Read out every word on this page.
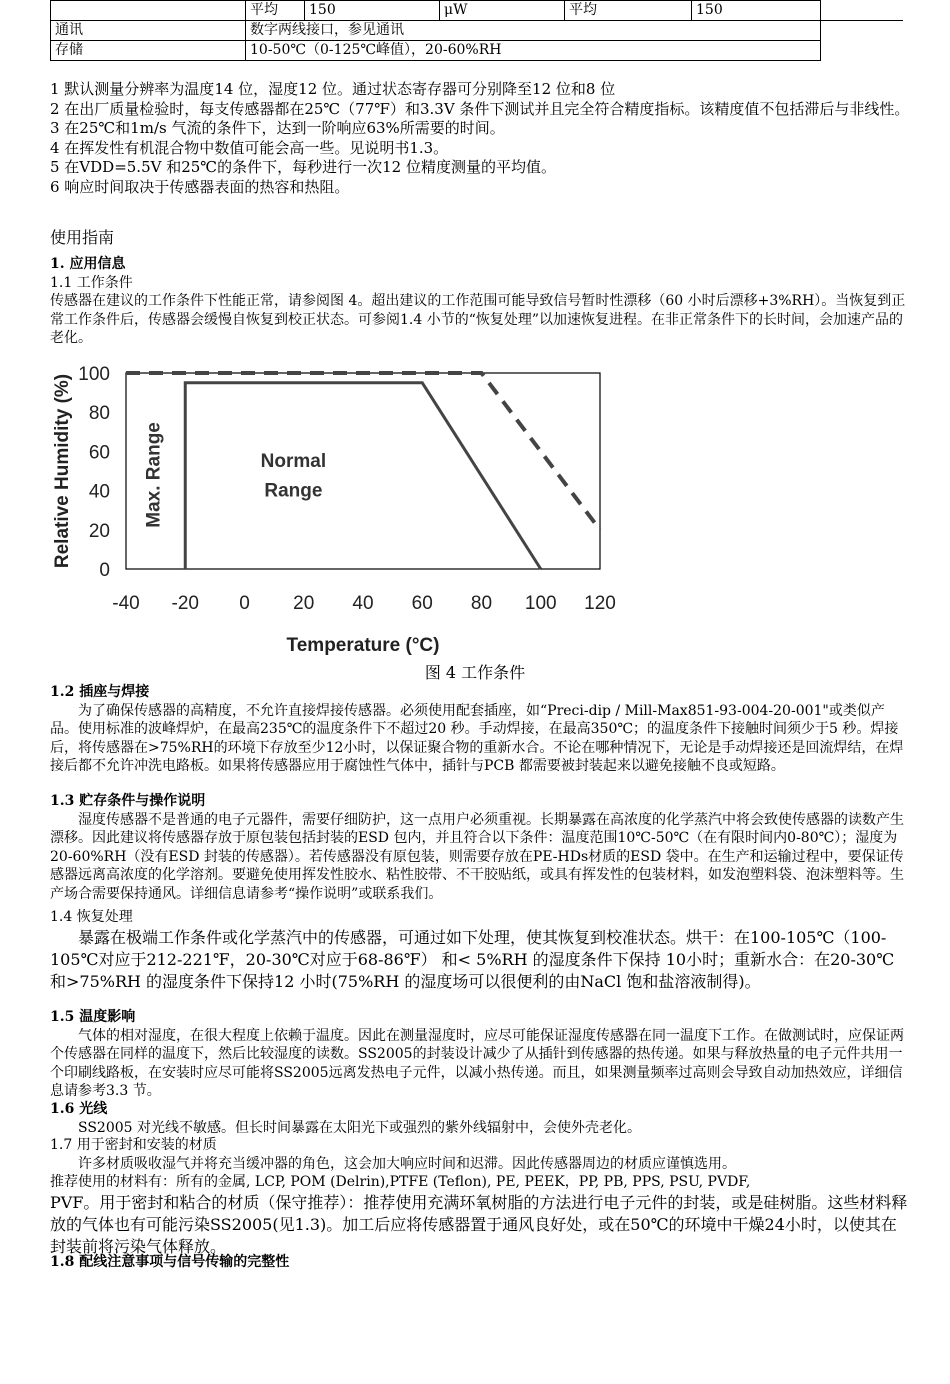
	平均	150	μW	平均	150	
通讯	数字两线接口，参见通讯					
存储	10-50℃（0-125℃峰值），20-60%RH					

1 默认测量分辨率为温度14 位，湿度12 位。通过状态寄存器可分别降至12 位和8 位

2 在出厂质量检验时，每支传感器都在25℃（77℉）和3.3V 条件下测试并且完全符合精度指标。该精度值不包括滞后与非线性。

3 在25℃和1m/s 气流的条件下，达到一阶响应63%所需要的时间。

4 在挥发性有机混合物中数值可能会高一些。见说明书1.3。

5 在VDD=5.5V 和25℃的条件下，每秒进行一次12 位精度测量的平均值。

6 响应时间取决于传感器表面的热容和热阻。

使用指南

1. 应用信息

1.1 工作条件

传感器在建议的工作条件下性能正常，请参阅图 4。超出建议的工作范围可能导致信号暂时性漂移（60 小时后漂移+3%RH）。当恢复到正常工作条件后，传感器会缓慢自恢复到校正状态。可参阅1.4 小节的“恢复处理”以加速恢复进程。在非正常条件下的长时间，会加速产品的老化。

0
20
40
60
80
100
-40 -20 0 20 40 60 80 100 120
Temperature (°C)
Relative Humidity (%)	Max. Range	Normal
Range
图 4 工作条件

1.2 插座与焊接

为了确保传感器的高精度，不允许直接焊接传感器。必须使用配套插座，如“Preci-dip / Mill-Max851-93-004-20-001"或类似产品。使用标准的波峰焊炉，在最高235℃的温度条件下不超过20 秒。手动焊接，在最高350℃；的温度条件下接触时间须少于5 秒。焊接后，将传感器在>75%RH的环境下存放至少12小时，以保证聚合物的重新水合。不论在哪种情况下，无论是手动焊接还是回流焊结，在焊接后都不允许冲洗电路板。如果将传感器应用于腐蚀性气体中，插针与PCB 都需要被封装起来以避免接触不良或短路。

1.3 贮存条件与操作说明

湿度传感器不是普通的电子元器件，需要仔细防护，这一点用户必须重视。长期暴露在高浓度的化学蒸汽中将会致使传感器的读数产生漂移。因此建议将传感器存放于原包装包括封装的ESD 包内，并且符合以下条件：温度范围10℃-50℃（在有限时间内0-80℃）；湿度为20-60%RH（没有ESD 封装的传感器）。若传感器没有原包装，则需要存放在PE-HDs材质的ESD 袋中。在生产和运输过程中，要保证传感器远离高浓度的化学溶剂。要避免使用挥发性胶水、粘性胶带、不干胶贴纸，或具有挥发性的包装材料，如发泡塑料袋、泡沫塑料等。生产场合需要保持通风。详细信息请参考“操作说明”或联系我们。

1.4 恢复处理

暴露在极端工作条件或化学蒸汽中的传感器，可通过如下处理，使其恢复到校准状态。烘干：在100-105℃（100-105℃对应于212-221℉，20-30℃对应于68-86℉） 和< 5%RH 的湿度条件下保持 10小时；重新水合：在20-30℃ 和>75%RH 的湿度条件下保持12 小时(75%RH 的湿度场可以很便利的由NaCl 饱和盐溶液制得)。

1.5 温度影响

气体的相对湿度，在很大程度上依赖于温度。因此在测量湿度时，应尽可能保证湿度传感器在同一温度下工作。在做测试时，应保证两个传感器在同样的温度下，然后比较湿度的读数。SS2005的封装设计减少了从插针到传感器的热传递。如果与释放热量的电子元件共用一个印刷线路板，在安装时应尽可能将SS2005远离发热电子元件，以减小热传递。而且，如果测量频率过高则会导致自动加热效应，详细信息请参考3.3 节。

1.6 光线

SS2005 对光线不敏感。但长时间暴露在太阳光下或强烈的紫外线辐射中，会使外壳老化。

1.7 用于密封和安装的材质

许多材质吸收湿气并将充当缓冲器的角色，这会加大响应时间和迟滞。因此传感器周边的材质应谨慎选用。

推荐使用的材料有：所有的金属, LCP, POM (Delrin),PTFE (Teflon), PE, PEEK，PP, PB, PPS, PSU, PVDF,

PVF。用于密封和粘合的材质（保守推荐）：推荐使用充满环氧树脂的方法进行电子元件的封装，或是硅树脂。这些材料释放的气体也有可能污染SS2005(见1.3)。加工后应将传感器置于通风良好处，或在50℃的环境中干燥24小时，以使其在封装前将污染气体释放。

1.8 配线注意事项与信号传输的完整性
